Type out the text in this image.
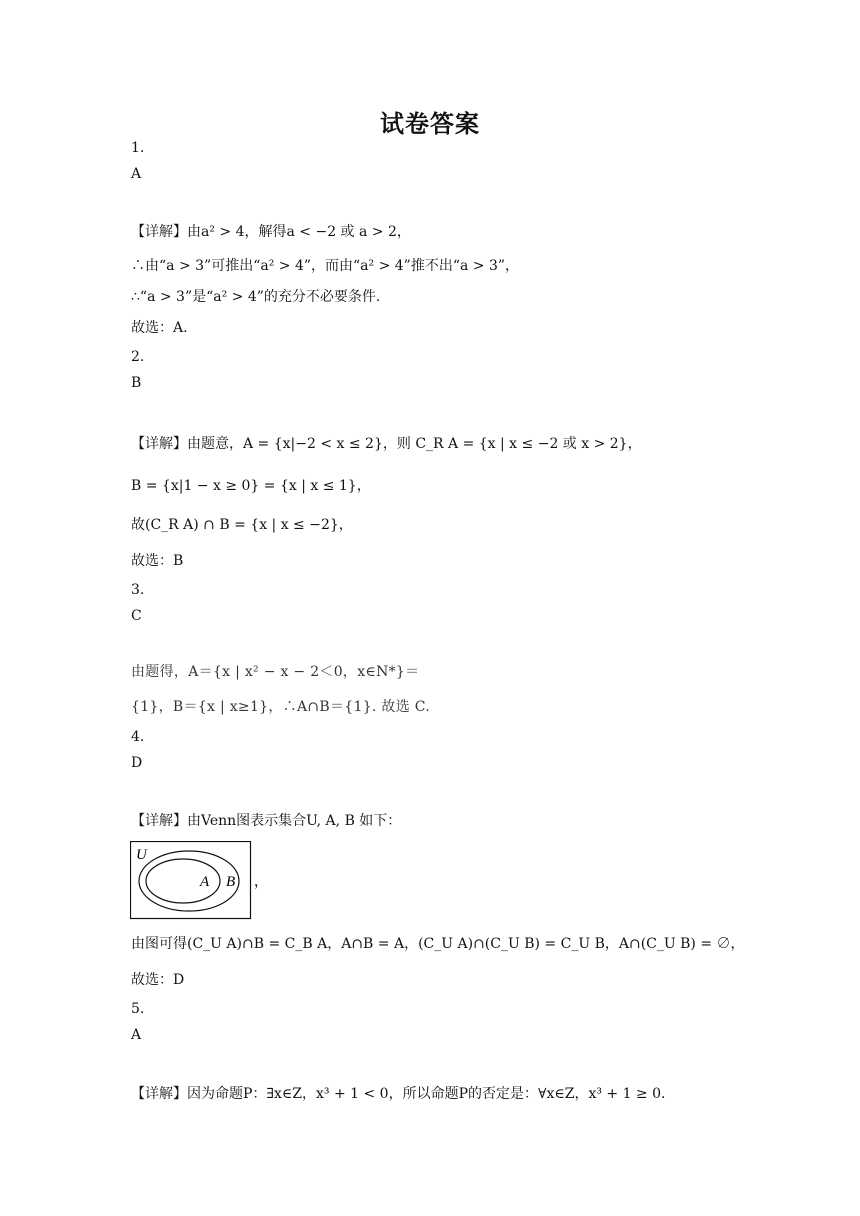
试卷答案
1.
A
【详解】由a² > 4，解得a < −2 或 a > 2，
∴由“a > 3”可推出“a² > 4”，而由“a² > 4”推不出“a > 3”，
∴“a > 3”是“a² > 4”的充分不必要条件.
故选：A.
2.
B
【详解】由题意，A = {x|−2 < x ≤ 2}，则 C_R A = {x | x ≤ −2 或 x > 2}，
B = {x|1 − x ≥ 0} = {x | x ≤ 1}，
故(C_R A) ∩ B = {x | x ≤ −2}，
故选：B
3.
C
由题得，A＝{x | x² − x − 2＜0，x∈N*}＝
{1}，B＝{x | x≥1}，∴A∩B＝{1}. 故选 C.
4.
D
【详解】由Venn图表示集合U, A, B 如下：
U
A B ，
由图可得(C_U A)∩B = C_B A，A∩B = A，(C_U A)∩(C_U B) = C_U B，A∩(C_U B) = ∅，
故选：D
5.
A
【详解】因为命题P：∃x∈Z，x³ + 1 < 0，所以命题P的否定是：∀x∈Z，x³ + 1 ≥ 0.
